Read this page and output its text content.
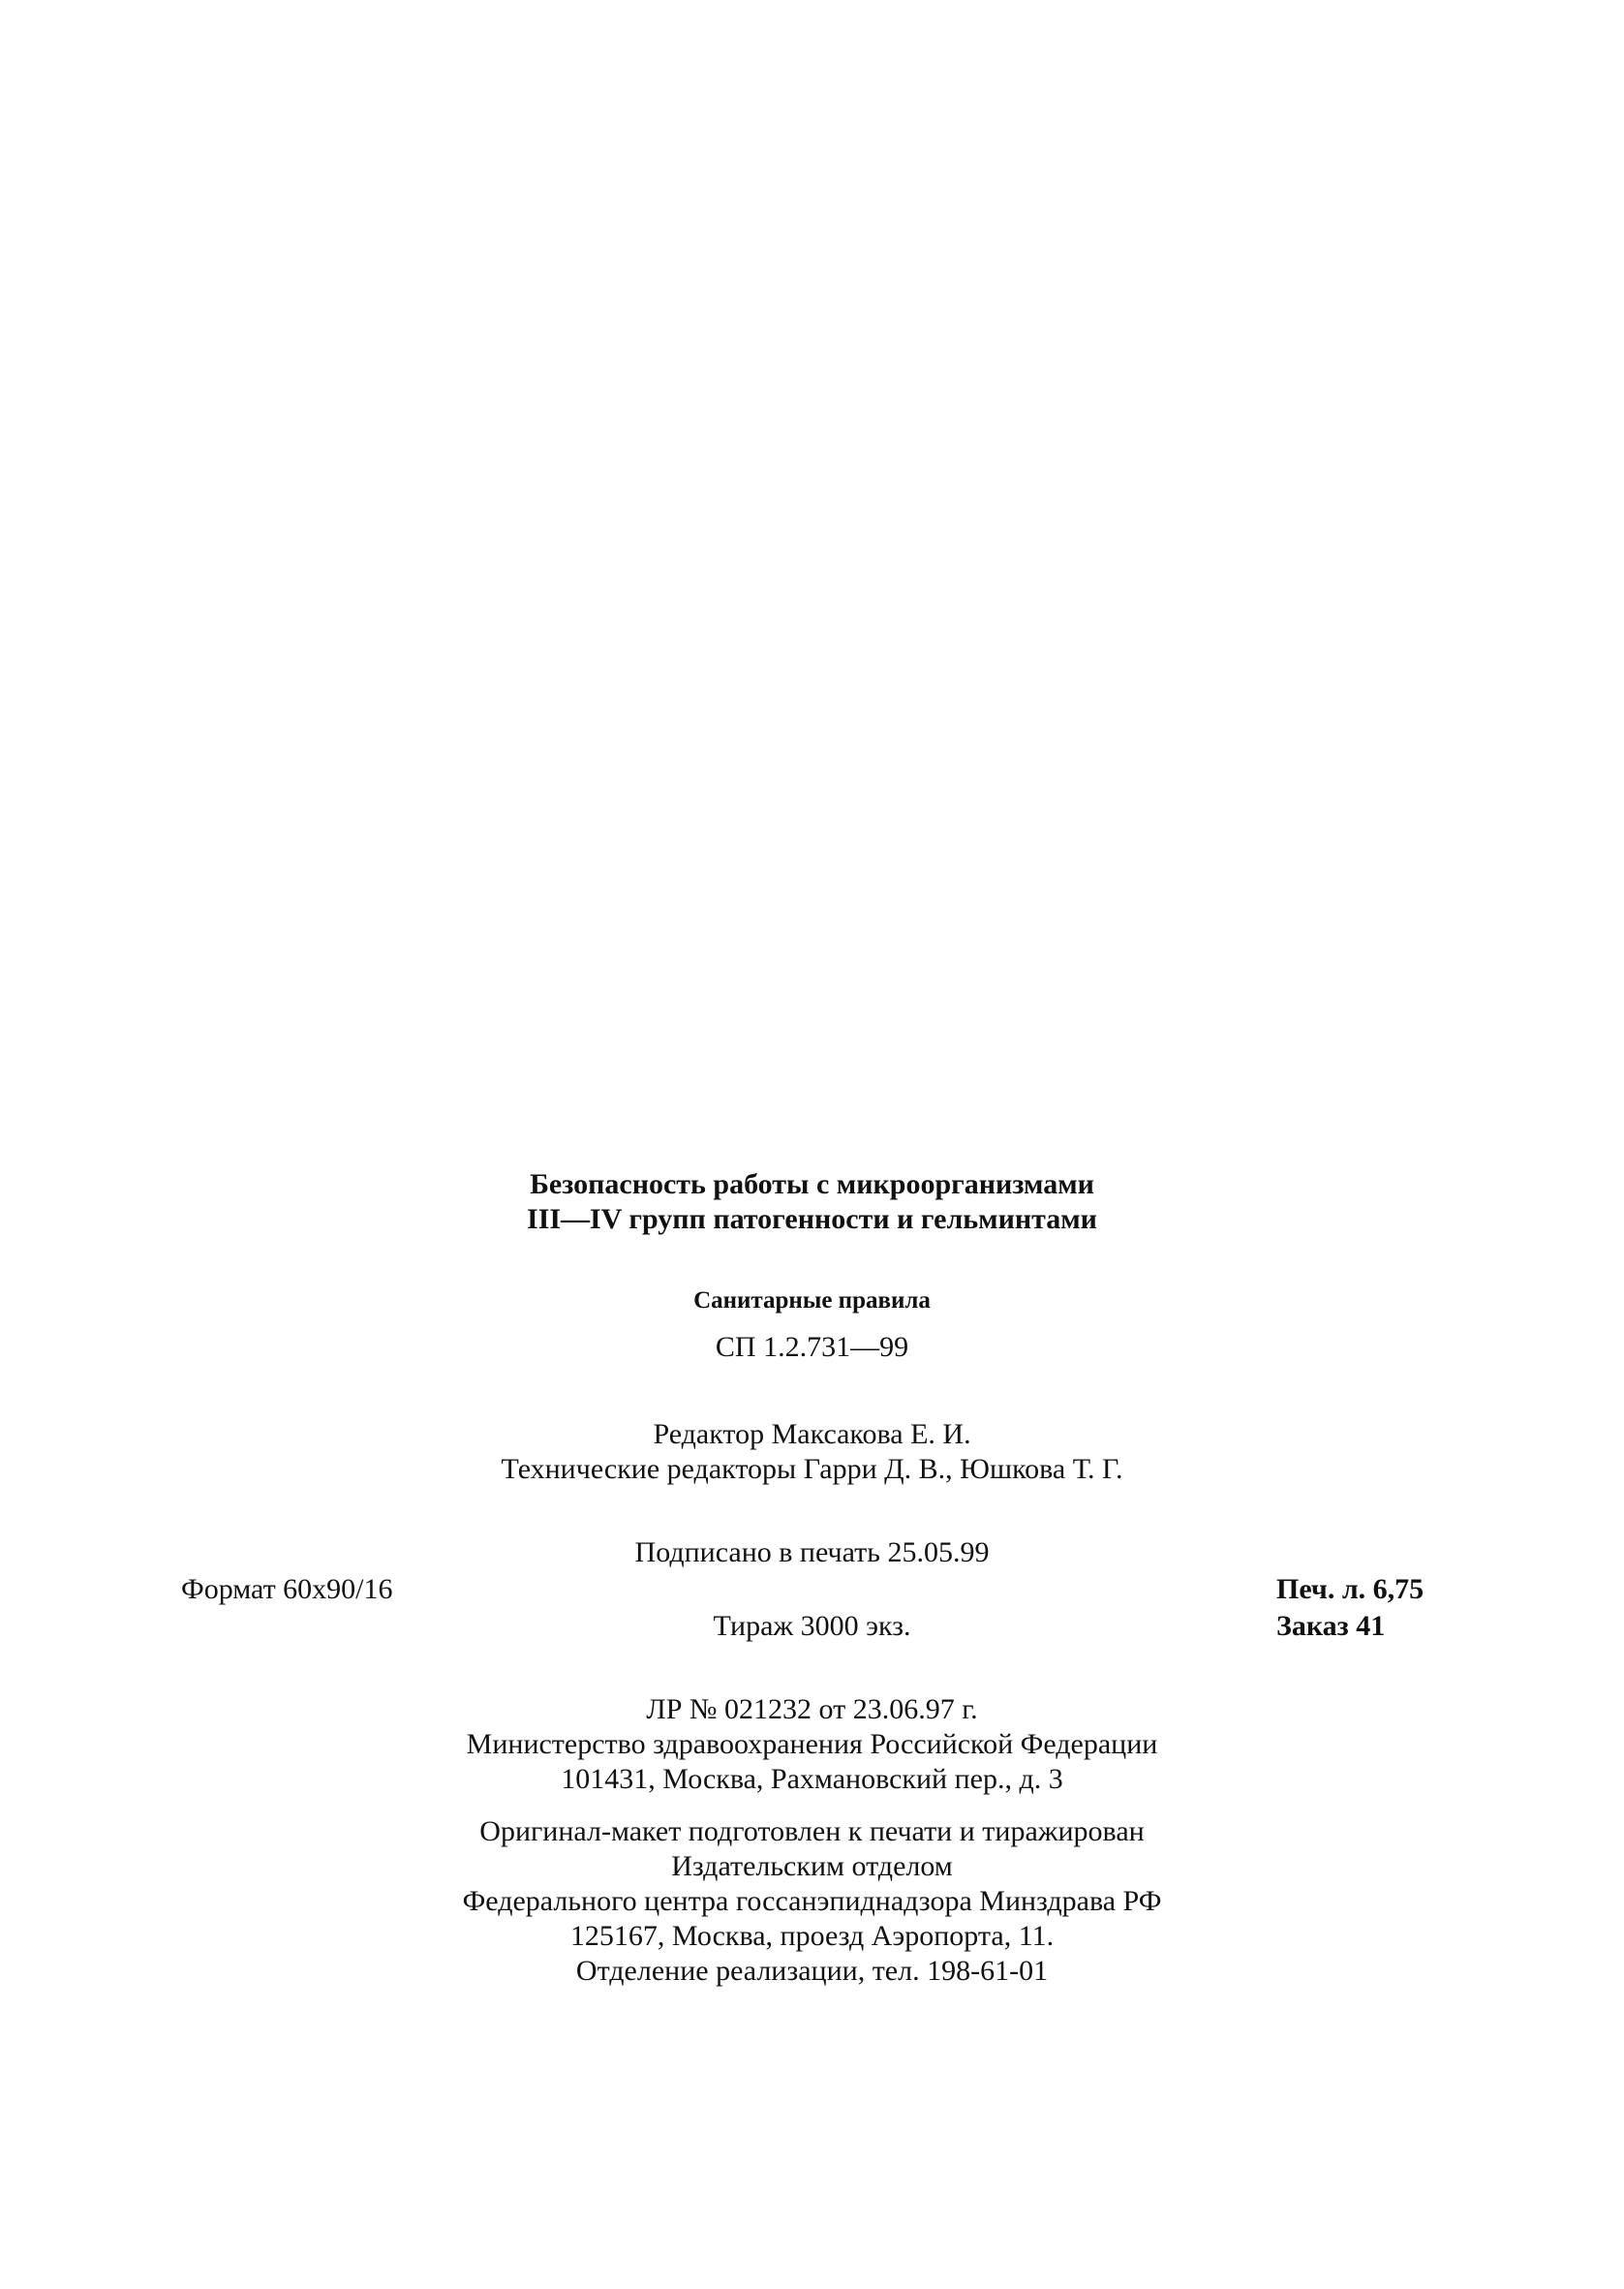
Безопасность работы с микроорганизмами
III—IV групп патогенности и гельминтами
Санитарные правила
СП 1.2.731—99
Редактор Максакова Е. И.
Технические редакторы Гарри Д. В., Юшкова Т. Г.
Подписано в печать 25.05.99
Формат 60х90/16	Печ. л. 6,75
Тираж 3000 экз.	Заказ 41
ЛР № 021232 от 23.06.97 г.
Министерство здравоохранения Российской Федерации
101431, Москва, Рахмановский пер., д. 3
Оригинал-макет подготовлен к печати и тиражирован
Издательским отделом
Федерального центра госсанэпиднадзора Минздрава РФ
125167, Москва, проезд Аэропорта, 11.
Отделение реализации, тел. 198-61-01
